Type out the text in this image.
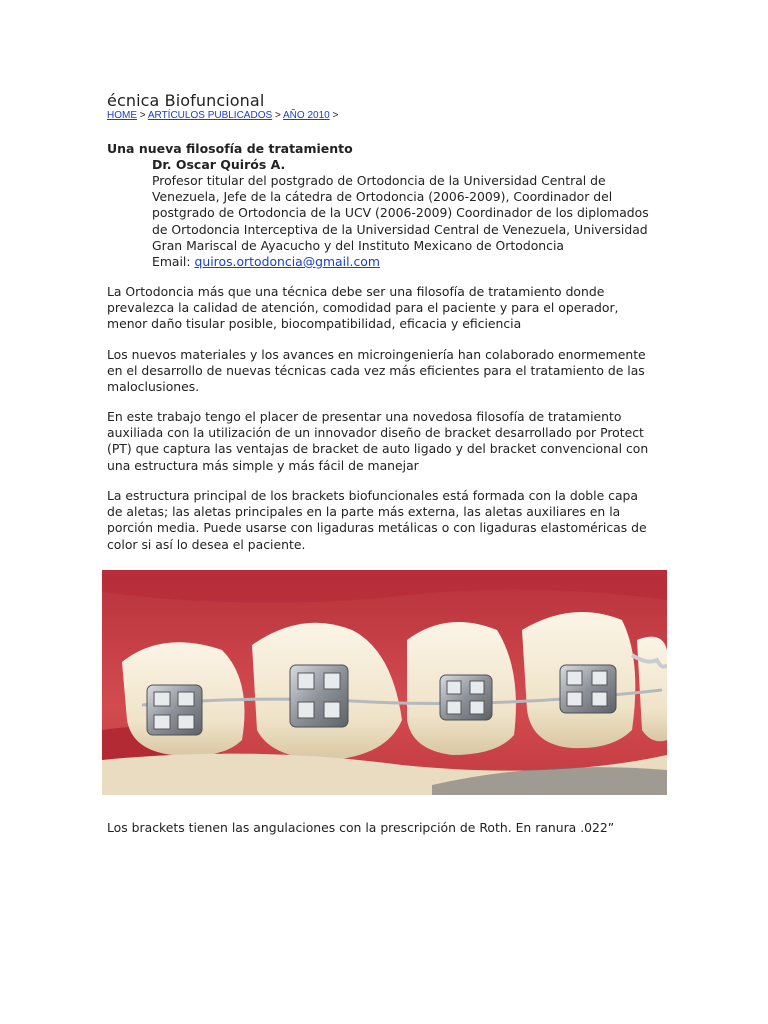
écnica Biofuncional
HOME > ARTÍCULOS PUBLICADOS > AÑO 2010 >
Una nueva filosofía de tratamiento
Dr. Oscar Quirós A.
Profesor titular del postgrado de Ortodoncia de la Universidad Central de
Venezuela, Jefe de la cátedra de Ortodoncia (2006-2009), Coordinador del
postgrado de Ortodoncia de la UCV (2006-2009) Coordinador de los diplomados
de Ortodoncia Interceptiva de la Universidad Central de Venezuela, Universidad
Gran Mariscal de Ayacucho y del Instituto Mexicano de Ortodoncia
Email: quiros.ortodoncia@gmail.com
La Ortodoncia más que una técnica debe ser una filosofía de tratamiento donde
prevalezca la calidad de atención, comodidad para el paciente y para el operador,
menor daño tisular posible, biocompatibilidad, eficacia y eficiencia
Los nuevos materiales y los avances en microingeniería han colaborado enormemente
en el desarrollo de nuevas técnicas cada vez más eficientes para el tratamiento de las
maloclusiones.
En este trabajo tengo el placer de presentar una novedosa filosofía de tratamiento
auxiliada con la utilización de un innovador diseño de bracket desarrollado por Protect
(PT) que captura las ventajas de bracket de auto ligado y del bracket convencional con
una estructura más simple y más fácil de manejar
La estructura principal de los brackets biofuncionales está formada con la doble capa
de aletas; las aletas principales en la parte más externa, las aletas auxiliares en la
porción media. Puede usarse con ligaduras metálicas o con ligaduras elastoméricas de
color si así lo desea el paciente.
Los brackets tienen las angulaciones con la prescripción de Roth. En ranura .022”
